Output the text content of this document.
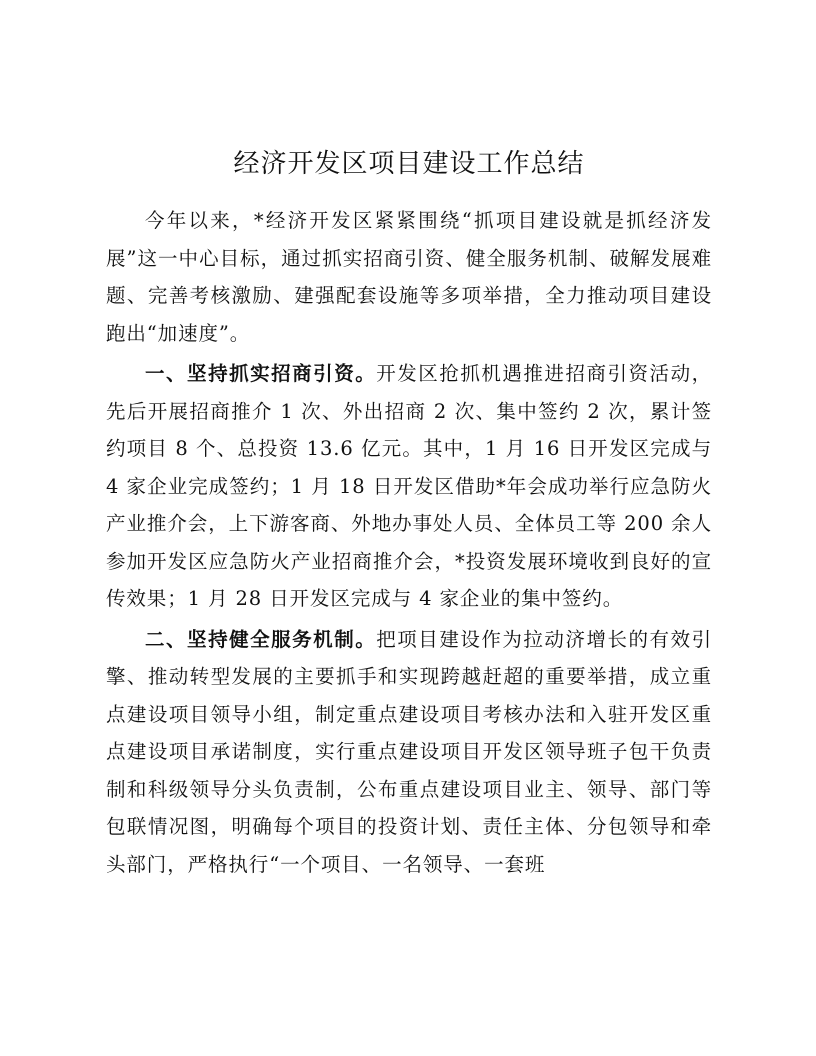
经济开发区项目建设工作总结

今年以来，*经济开发区紧紧围绕“抓项目建设就是抓经济发展”这一中心目标，通过抓实招商引资、健全服务机制、破解发展难题、完善考核激励、建强配套设施等多项举措，全力推动项目建设跑出“加速度”。

一、坚持抓实招商引资。开发区抢抓机遇推进招商引资活动，先后开展招商推介 1 次、外出招商 2 次、集中签约 2 次，累计签约项目 8 个、总投资 13.6 亿元。其中，1 月 16 日开发区完成与 4 家企业完成签约；1 月 18 日开发区借助*年会成功举行应急防火产业推介会，上下游客商、外地办事处人员、全体员工等 200 余人参加开发区应急防火产业招商推介会，*投资发展环境收到良好的宣传效果；1 月 28 日开发区完成与 4 家企业的集中签约。

二、坚持健全服务机制。把项目建设作为拉动济增长的有效引擎、推动转型发展的主要抓手和实现跨越赶超的重要举措，成立重点建设项目领导小组，制定重点建设项目考核办法和入驻开发区重点建设项目承诺制度，实行重点建设项目开发区领导班子包干负责制和科级领导分头负责制，公布重点建设项目业主、领导、部门等包联情况图，明确每个项目的投资计划、责任主体、分包领导和牵头部门，严格执行“一个项目、一名领导、一套班
